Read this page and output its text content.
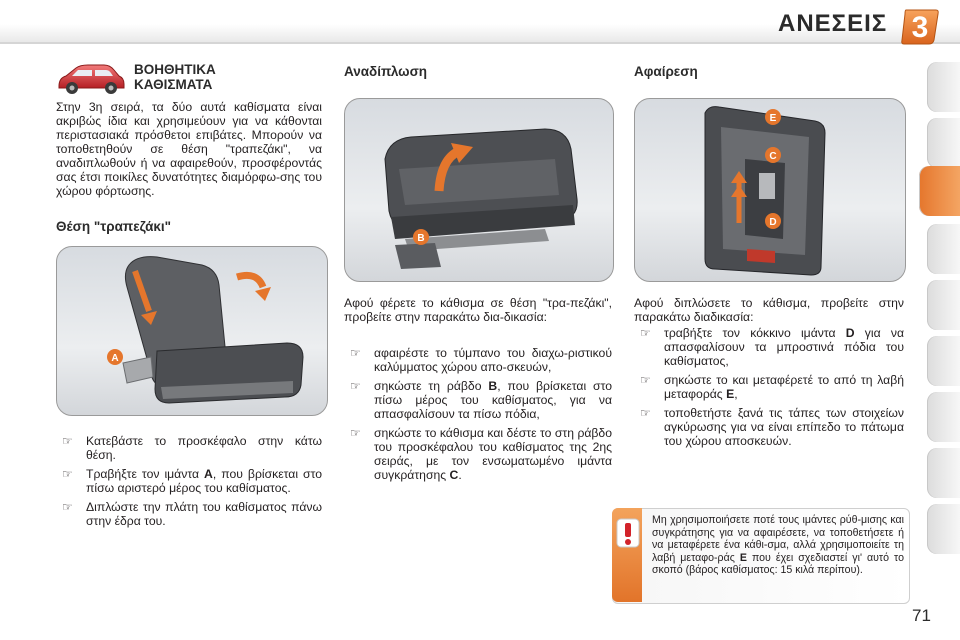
ΑΝΕΣΕΙΣ 3
ΒΟΗΘΗΤΙΚΑ
ΚΑΘΙΣΜΑΤΑ

Στην 3η σειρά, τα δύο αυτά καθίσματα είναι ακριβώς ίδια και χρησιμεύουν για να κάθονται περιστασιακά πρόσθετοι επιβάτες. Μπορούν να τοποθετηθούν σε θέση "τραπεζάκι", να αναδιπλωθούν ή να αφαιρεθούν, προσφέροντάς σας έτσι ποικίλες δυνατότητες διαμόρφω-σης του χώρου φόρτωσης.

Θέση "τραπεζάκι"
A
☞ Κατεβάστε το προσκέφαλο στην κάτω θέση.
☞ Τραβήξτε τον ιμάντα A, που βρίσκεται στο πίσω αριστερό μέρος του καθίσματος.
☞ Διπλώστε την πλάτη του καθίσματος πάνω στην έδρα του.
Αναδίπλωση
B

Αφού φέρετε το κάθισμα σε θέση "τρα-πεζάκι", προβείτε στην παρακάτω δια-δικασία:

☞ αφαιρέστε το τύμπανο του διαχω-ριστικού καλύμματος χώρου απο-σκευών,
☞ σηκώστε τη ράβδο B, που βρίσκεται στο πίσω μέρος του καθίσματος, για να απασφαλίσουν τα πίσω πόδια,
☞ σηκώστε το κάθισμα και δέστε το στη ράβδο του προσκέφαλου του καθίσματος της 2ης σειράς, με τον ενσωματωμένο ιμάντα συγκράτησης C.
Αφαίρεση
E
C
D

Αφού διπλώσετε το κάθισμα, προβείτε στην παρακάτω διαδικασία:

☞ τραβήξτε τον κόκκινο ιμάντα D για να απασφαλίσουν τα μπροστινά πόδια του καθίσματος,
☞ σηκώστε το και μεταφέρετέ το από τη λαβή μεταφοράς E,
☞ τοποθετήστε ξανά τις τάπες των στοιχείων αγκύρωσης για να είναι επίπεδο το πάτωμα του χώρου αποσκευών.
Μη χρησιμοποιήσετε ποτέ τους ιμάντες ρύθ-μισης και συγκράτησης για να αφαιρέσετε, να τοποθετήσετε ή να μεταφέρετε ένα κάθι-σμα, αλλά χρησιμοποιείτε τη λαβή μεταφο-ράς E που έχει σχεδιαστεί γι' αυτό το σκοπό (βάρος καθίσματος: 15 κιλά περίπου).
71
